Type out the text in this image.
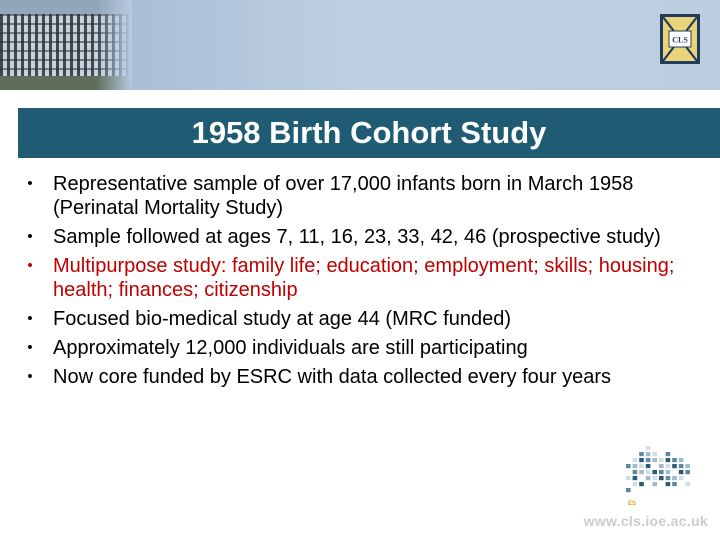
CLS
1958 Birth Cohort Study
• Representative sample of over 17,000 infants born in March 1958 (Perinatal Mortality Study)
• Sample followed at ages 7, 11, 16, 23, 33, 42, 46 (prospective study)
• Multipurpose study: family life; education; employment; skills; housing; health; finances; citizenship
• Focused bio-medical study at age 44 (MRC funded)
• Approximately 12,000 individuals are still participating
• Now core funded by ESRC with data collected every four years
ES
www.cls.ioe.ac.uk
